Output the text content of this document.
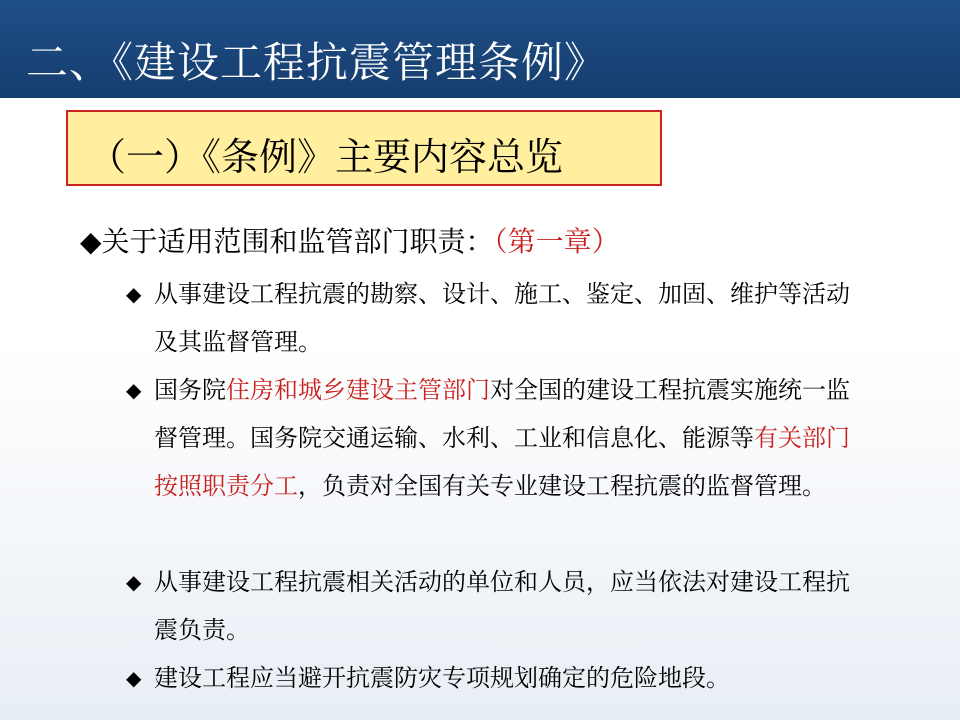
二、《建设工程抗震管理条例》
（一）《条例》主要内容总览
◆关于适用范围和监管部门职责：（第一章）
◆ 从事建设工程抗震的勘察、设计、施工、鉴定、加固、维护等活动及其监督管理。
◆ 国务院住房和城乡建设主管部门对全国的建设工程抗震实施统一监督管理。国务院交通运输、水利、工业和信息化、能源等有关部门按照职责分工，负责对全国有关专业建设工程抗震的监督管理。
◆ 从事建设工程抗震相关活动的单位和人员，应当依法对建设工程抗震负责。
◆ 建设工程应当避开抗震防灾专项规划确定的危险地段。
